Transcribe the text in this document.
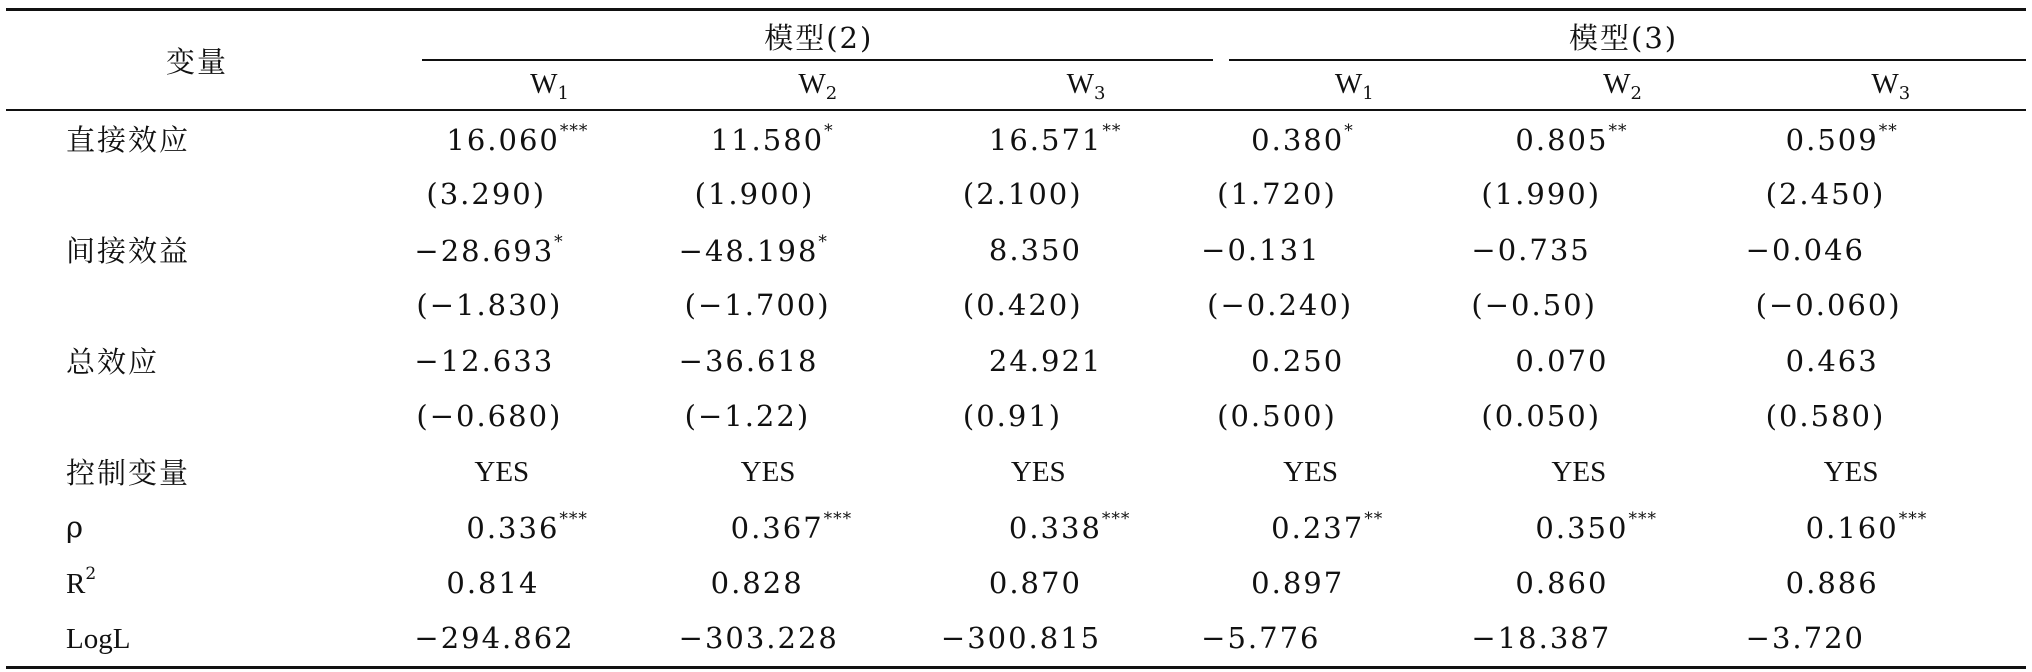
变量	模型(2)			模型(3)		

	$W_1$	$W_2$	$W_3$	$W_1$	$W_2$	$W_3$
直接效应	16.060***	11.580*	16.571**	0.380*	0.805**	0.509**
	(3.290)	(1.900)	(2.100)	(1.720)	(1.990)	(2.450)
间接效益	−28.693*	−48.198*	8.350	−0.131	−0.735	−0.046
	(−1.830)	(−1.700)	(0.420)	(−0.240)	(−0.50)	(−0.060)
总效应	−12.633	−36.618	24.921	0.250	0.070	0.463
	(−0.680)	(−1.22)	(0.91)	(0.500)	(0.050)	(0.580)
控制变量	YES	YES	YES	YES	YES	YES
ρ	0.336***	0.367***	0.338***	0.237**	0.350***	0.160***
$R^2$	0.814	0.828	0.870	0.897	0.860	0.886
LogL	−294.862	−303.228	−300.815	−5.776	−18.387	−3.720
